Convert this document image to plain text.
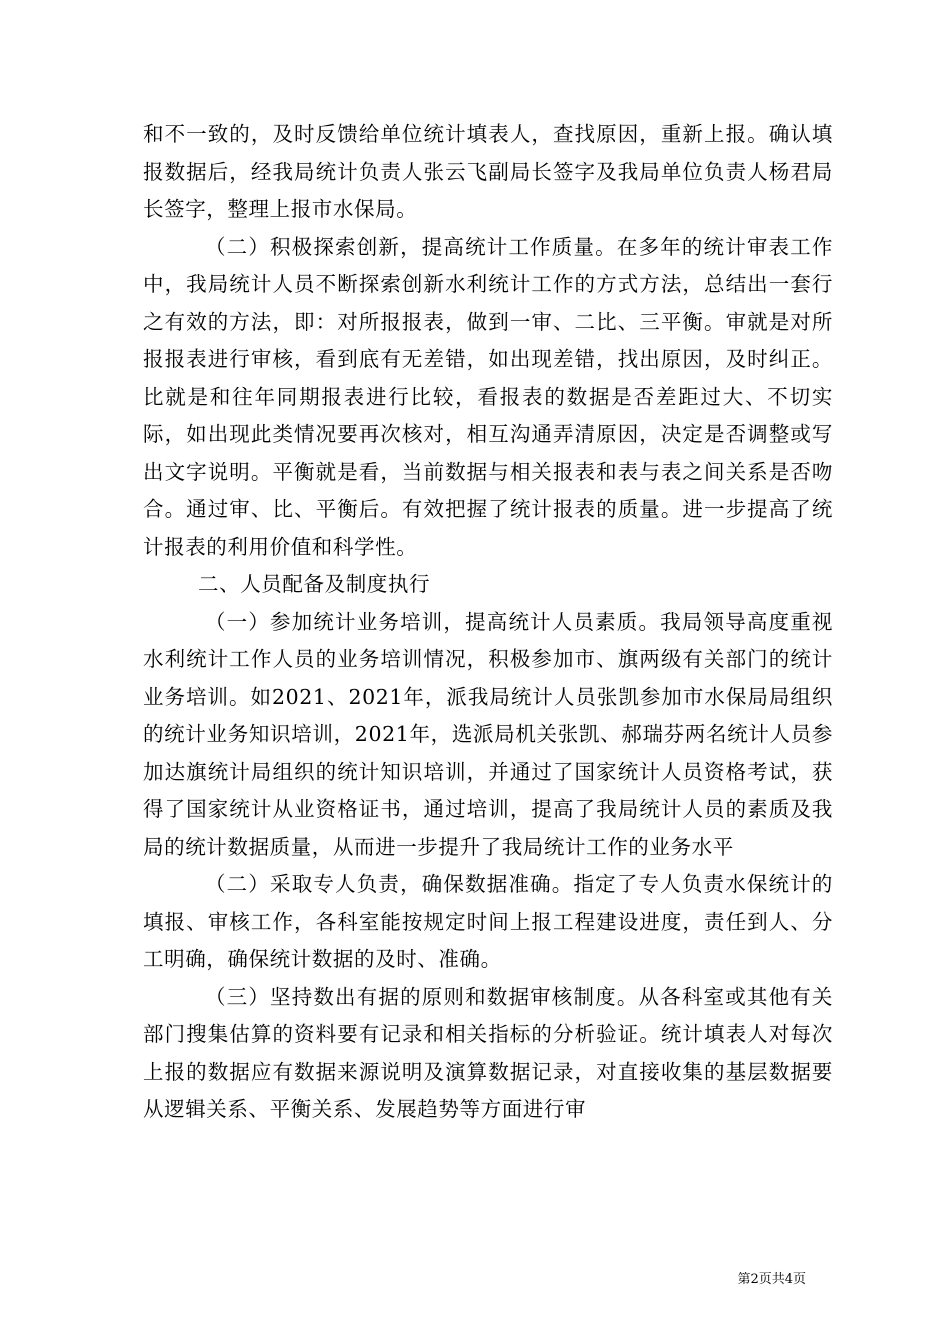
和不一致的，及时反馈给单位统计填表人，查找原因，重新上报。确认填报数据后，经我局统计负责人张云飞副局长签字及我局单位负责人杨君局长签字，整理上报市水保局。

（二）积极探索创新，提高统计工作质量。在多年的统计审表工作中，我局统计人员不断探索创新水利统计工作的方式方法，总结出一套行之有效的方法，即：对所报报表，做到一审、二比、三平衡。审就是对所报报表进行审核，看到底有无差错，如出现差错，找出原因，及时纠正。比就是和往年同期报表进行比较，看报表的数据是否差距过大、不切实际，如出现此类情况要再次核对，相互沟通弄清原因，决定是否调整或写出文字说明。平衡就是看，当前数据与相关报表和表与表之间关系是否吻合。通过审、比、平衡后。有效把握了统计报表的质量。进一步提高了统计报表的利用价值和科学性。

二、人员配备及制度执行

（一）参加统计业务培训，提高统计人员素质。我局领导高度重视水利统计工作人员的业务培训情况，积极参加市、旗两级有关部门的统计业务培训。如2021、2021年，派我局统计人员张凯参加市水保局局组织的统计业务知识培训，2021年，选派局机关张凯、郝瑞芬两名统计人员参加达旗统计局组织的统计知识培训，并通过了国家统计人员资格考试，获得了国家统计从业资格证书，通过培训，提高了我局统计人员的素质及我局的统计数据质量，从而进一步提升了我局统计工作的业务水平

（二）采取专人负责，确保数据准确。指定了专人负责水保统计的填报、审核工作，各科室能按规定时间上报工程建设进度，责任到人、分工明确，确保统计数据的及时、准确。

（三）坚持数出有据的原则和数据审核制度。从各科室或其他有关部门搜集估算的资料要有记录和相关指标的分析验证。统计填表人对每次上报的数据应有数据来源说明及演算数据记录，对直接收集的基层数据要从逻辑关系、平衡关系、发展趋势等方面进行审

第2页共4页
